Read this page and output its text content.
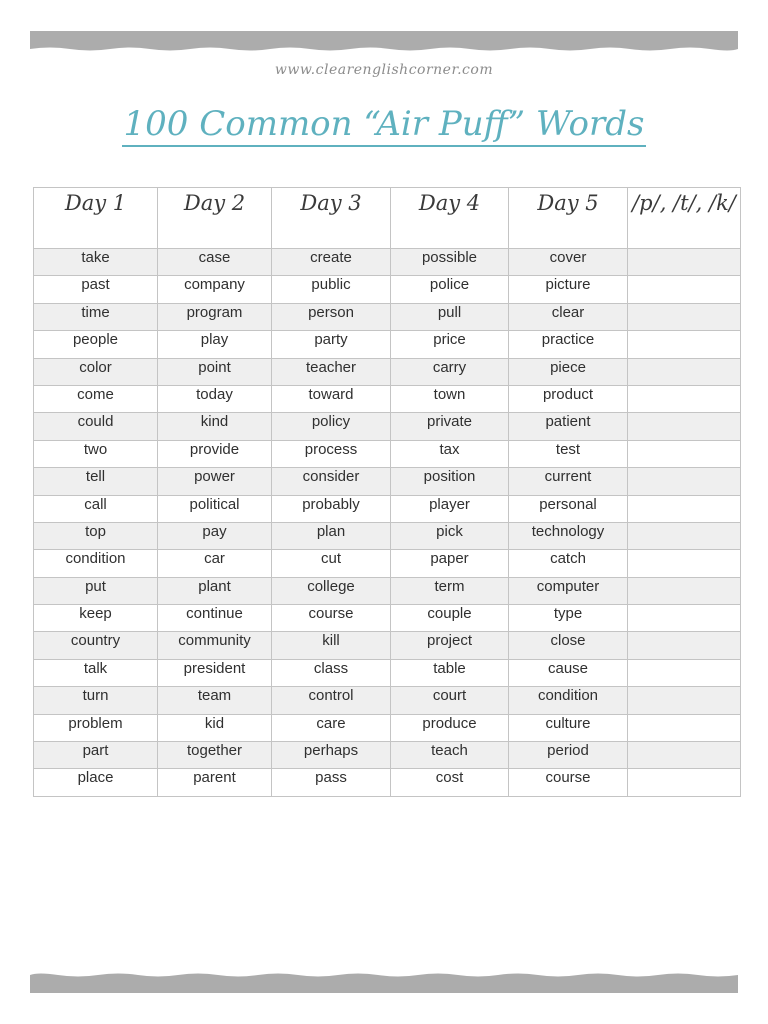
www.clearenglishcorner.com
100 Common “Air Puff” Words
Day 1	Day 2	Day 3	Day 4	Day 5	/p/, /t/, /k/
take	case	create	possible	cover	
past	company	public	police	picture	
time	program	person	pull	clear	
people	play	party	price	practice	
color	point	teacher	carry	piece	
come	today	toward	town	product	
could	kind	policy	private	patient	
two	provide	process	tax	test	
tell	power	consider	position	current	
call	political	probably	player	personal	
top	pay	plan	pick	technology	
condition	car	cut	paper	catch	
put	plant	college	term	computer	
keep	continue	course	couple	type	
country	community	kill	project	close	
talk	president	class	table	cause	
turn	team	control	court	condition	
problem	kid	care	produce	culture	
part	together	perhaps	teach	period	
place	parent	pass	cost	course	
